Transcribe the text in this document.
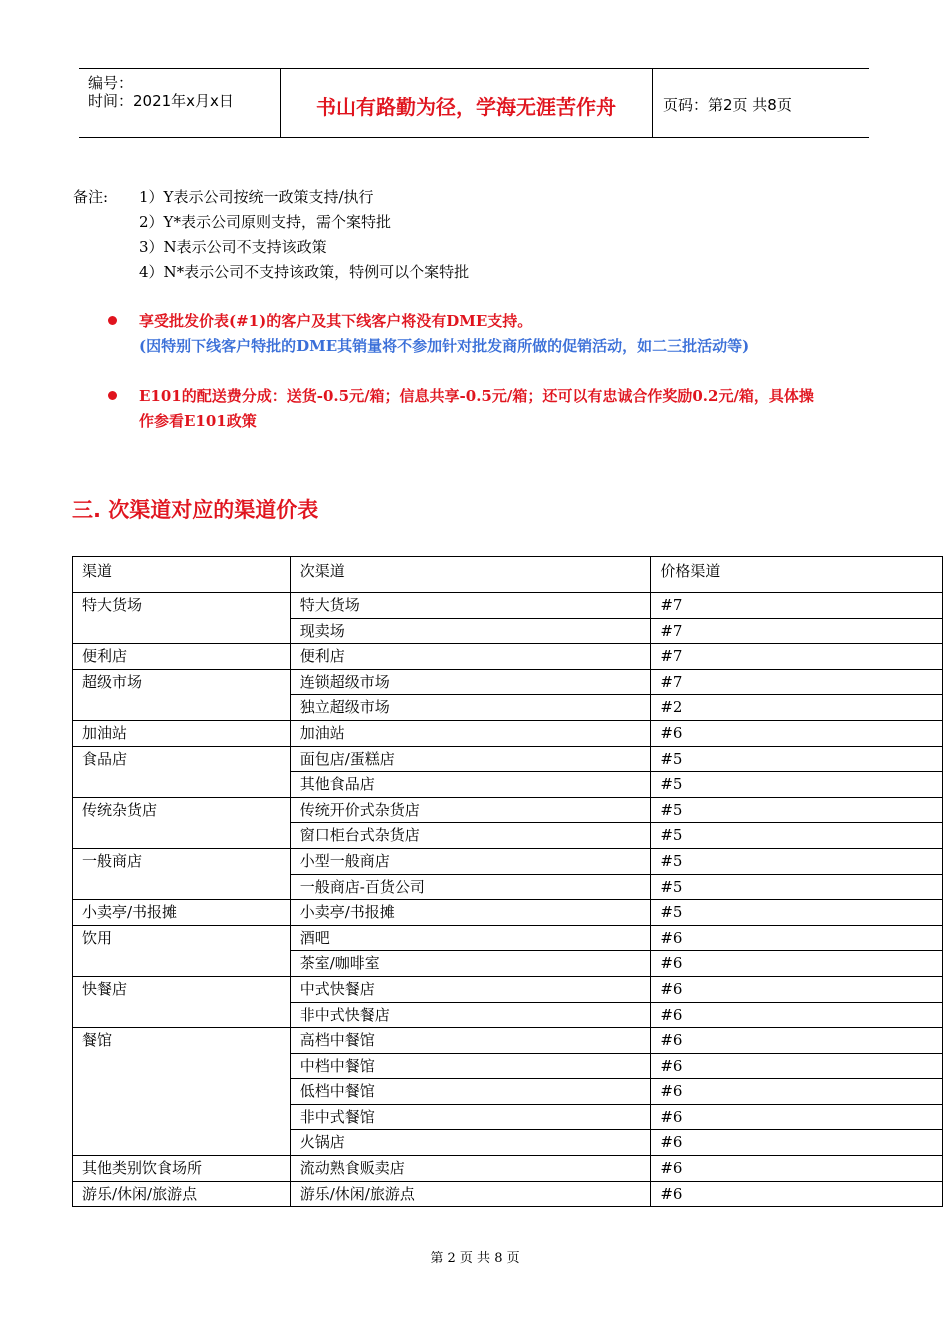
编号：
时间：2021年x月x日	书山有路勤为径，学海无涯苦作舟	页码：第2页 共8页
备注: 1）Y表示公司按统一政策支持/执行
2）Y*表示公司原则支持，需个案特批
3）N表示公司不支持该政策
4）N*表示公司不支持该政策，特例可以个案特批
享受批发价表(#1)的客户及其下线客户将没有DME支持。
(因特别下线客户特批的DME其销量将不参加针对批发商所做的促销活动，如二三批活动等)
E101的配送费分成：送货-0.5元/箱；信息共享-0.5元/箱；还可以有忠诚合作奖励0.2元/箱，具体操
作参看E101政策
三. 次渠道对应的渠道价表
渠道	次渠道	价格渠道
特大货场	特大货场	#7
	现卖场	#7
便利店	便利店	#7
超级市场	连锁超级市场	#7
	独立超级市场	#2
加油站	加油站	#6
食品店	面包店/蛋糕店	#5
	其他食品店	#5
传统杂货店	传统开价式杂货店	#5
	窗口柜台式杂货店	#5
一般商店	小型一般商店	#5
	一般商店-百货公司	#5
小卖亭/书报摊	小卖亭/书报摊	#5
饮用	酒吧	#6
	茶室/咖啡室	#6
快餐店	中式快餐店	#6
	非中式快餐店	#6
餐馆	高档中餐馆	#6
	中档中餐馆	#6
	低档中餐馆	#6
	非中式餐馆	#6
	火锅店	#6
其他类别饮食场所	流动熟食贩卖店	#6
游乐/休闲/旅游点	游乐/休闲/旅游点	#6
第 2 页 共 8 页
